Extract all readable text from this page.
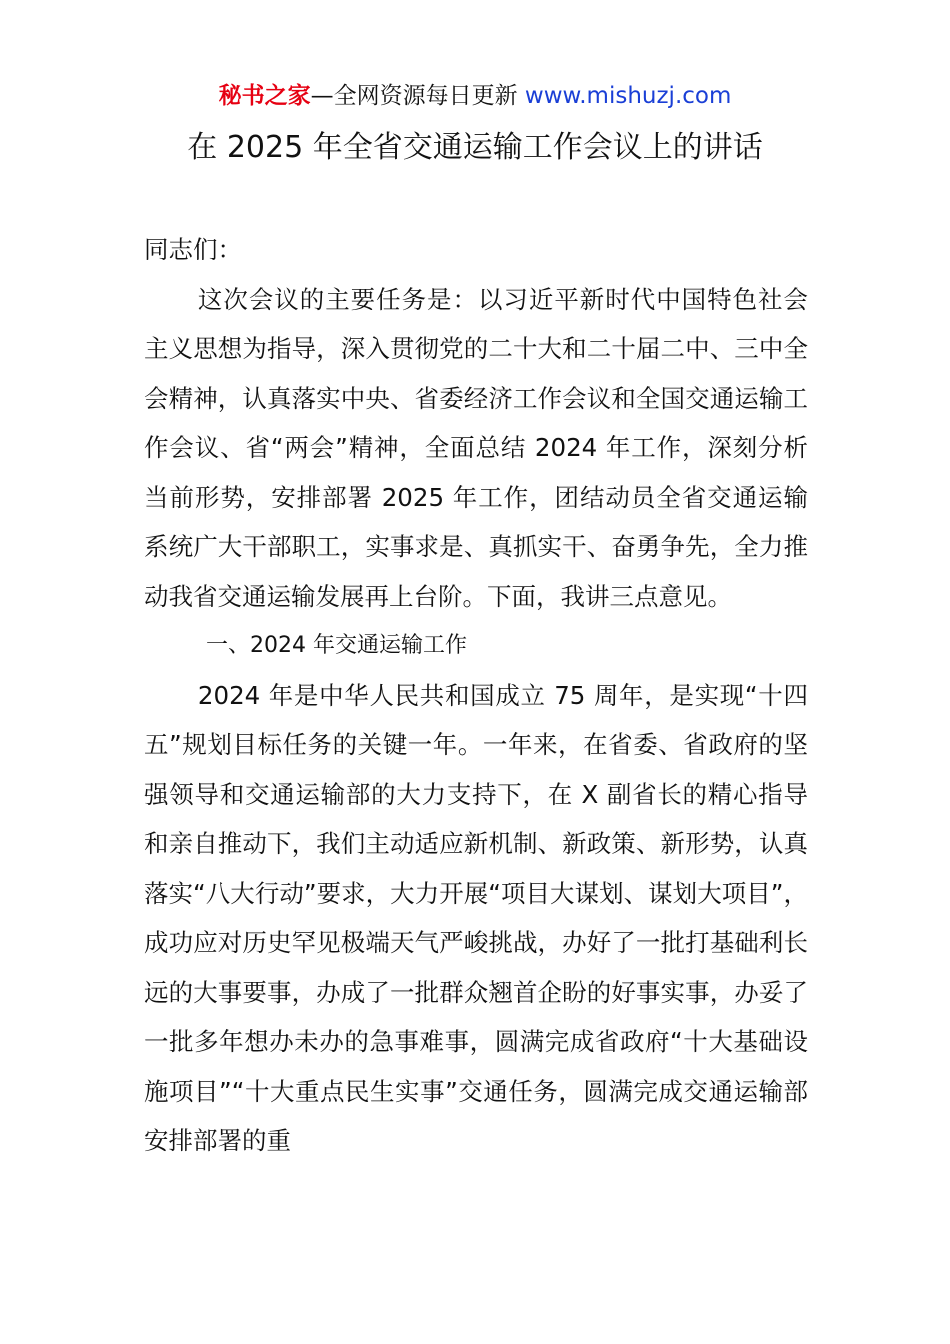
秘书之家—全网资源每日更新 www.mishuzj.com
在 2025 年全省交通运输工作会议上的讲话

同志们：

这次会议的主要任务是：以习近平新时代中国特色社会主义思想为指导，深入贯彻党的二十大和二十届二中、三中全会精神，认真落实中央、省委经济工作会议和全国交通运输工作会议、省“两会”精神，全面总结 2024 年工作，深刻分析当前形势，安排部署 2025 年工作，团结动员全省交通运输系统广大干部职工，实事求是、真抓实干、奋勇争先，全力推动我省交通运输发展再上台阶。下面，我讲三点意见。

一、2024 年交通运输工作

2024 年是中华人民共和国成立 75 周年，是实现“十四五”规划目标任务的关键一年。一年来，在省委、省政府的坚强领导和交通运输部的大力支持下，在 X 副省长的精心指导和亲自推动下，我们主动适应新机制、新政策、新形势，认真落实“八大行动”要求，大力开展“项目大谋划、谋划大项目”，成功应对历史罕见极端天气严峻挑战，办好了一批打基础利长远的大事要事，办成了一批群众翘首企盼的好事实事，办妥了一批多年想办未办的急事难事，圆满完成省政府“十大基础设施项目”“十大重点民生实事”交通任务，圆满完成交通运输部安排部署的重
